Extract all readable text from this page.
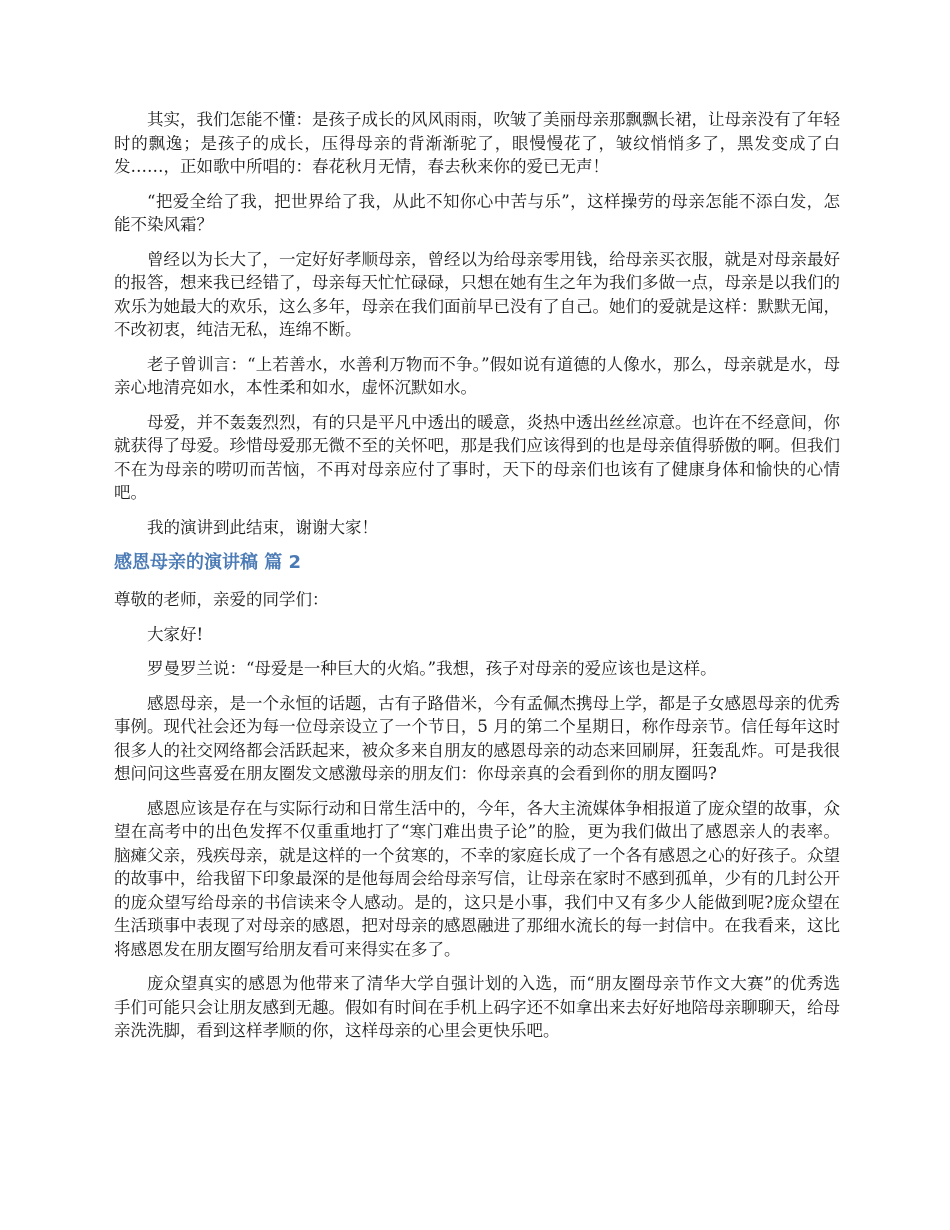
其实，我们怎能不懂：是孩子成长的风风雨雨，吹皱了美丽母亲那飘飘长裙，让母亲没有了年轻时的飘逸；是孩子的成长，压得母亲的背渐渐驼了，眼慢慢花了，皱纹悄悄多了，黑发变成了白发……，正如歌中所唱的：春花秋月无情，春去秋来你的爱已无声！

“把爱全给了我，把世界给了我，从此不知你心中苦与乐”，这样操劳的母亲怎能不添白发，怎能不染风霜？

曾经以为长大了，一定好好孝顺母亲，曾经以为给母亲零用钱，给母亲买衣服，就是对母亲最好的报答，想来我已经错了，母亲每天忙忙碌碌，只想在她有生之年为我们多做一点，母亲是以我们的欢乐为她最大的欢乐，这么多年，母亲在我们面前早已没有了自己。她们的爱就是这样：默默无闻，不改初衷，纯洁无私，连绵不断。

老子曾训言：“上若善水，水善利万物而不争。”假如说有道德的人像水，那么，母亲就是水，母亲心地清亮如水，本性柔和如水，虚怀沉默如水。

母爱，并不轰轰烈烈，有的只是平凡中透出的暖意，炎热中透出丝丝凉意。也许在不经意间，你就获得了母爱。珍惜母爱那无微不至的关怀吧，那是我们应该得到的也是母亲值得骄傲的啊。但我们不在为母亲的唠叨而苦恼，不再对母亲应付了事时，天下的母亲们也该有了健康身体和愉快的心情吧。

我的演讲到此结束，谢谢大家！

感恩母亲的演讲稿 篇 2

尊敬的老师，亲爱的同学们：

大家好!

罗曼罗兰说：“母爱是一种巨大的火焰。”我想，孩子对母亲的爱应该也是这样。

感恩母亲，是一个永恒的话题，古有子路借米，今有孟佩杰携母上学，都是子女感恩母亲的优秀事例。现代社会还为每一位母亲设立了一个节日，5 月的第二个星期日，称作母亲节。信任每年这时很多人的社交网络都会活跃起来，被众多来自朋友的感恩母亲的动态来回刷屏，狂轰乱炸。可是我很想问问这些喜爱在朋友圈发文感激母亲的朋友们：你母亲真的会看到你的朋友圈吗?

感恩应该是存在与实际行动和日常生活中的，今年，各大主流媒体争相报道了庞众望的故事，众望在高考中的出色发挥不仅重重地打了“寒门难出贵子论”的脸，更为我们做出了感恩亲人的表率。脑瘫父亲，残疾母亲，就是这样的一个贫寒的，不幸的家庭长成了一个各有感恩之心的好孩子。众望的故事中，给我留下印象最深的是他每周会给母亲写信，让母亲在家时不感到孤单，少有的几封公开的庞众望写给母亲的书信读来令人感动。是的，这只是小事，我们中又有多少人能做到呢?庞众望在生活琐事中表现了对母亲的感恩，把对母亲的感恩融进了那细水流长的每一封信中。在我看来，这比将感恩发在朋友圈写给朋友看可来得实在多了。

庞众望真实的感恩为他带来了清华大学自强计划的入选，而“朋友圈母亲节作文大赛”的优秀选手们可能只会让朋友感到无趣。假如有时间在手机上码字还不如拿出来去好好地陪母亲聊聊天，给母亲洗洗脚，看到这样孝顺的你，这样母亲的心里会更快乐吧。
